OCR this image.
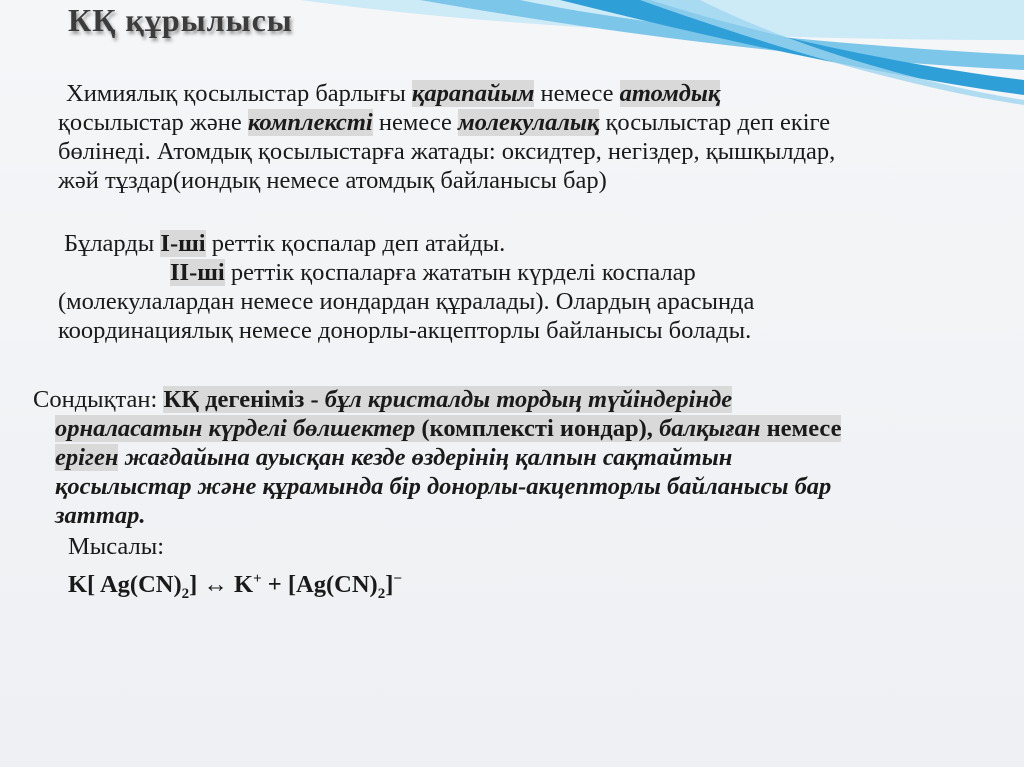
КҚ құрылысы
Химиялық қосылыстар барлығы қарапайым немесе атомдық
қосылыстар және комплексті немесе молекулалық қосылыстар деп екіге
бөлінеді. Атомдық қосылыстарға жатады: оксидтер, негіздер, қышқылдар,
жәй тұздар(иондық немесе атомдық байланысы бар)
Бұларды І-ші реттік қоспалар деп атайды.
ІІ-ші реттік қоспаларға жататын күрделі коспалар
(молекулалардан немесе иондардан құралады). Олардың арасында
координациялық немесе донорлы-акцепторлы байланысы болады.
Сондықтан: КҚ дегеніміз - бұл кристалды тордың түйіндерінде
орналасатын күрделі бөлшектер (комплексті иондар), балқыған немесе
еріген жағдайына ауысқан кезде өздерінің қалпын сақтайтын
қосылыстар және құрамында бір донорлы-акцепторлы байланысы бар
заттар.
Мысалы:
K[ $Ag(CN)_2$] ↔ $K^+ + [Ag(CN)_2]^-$
